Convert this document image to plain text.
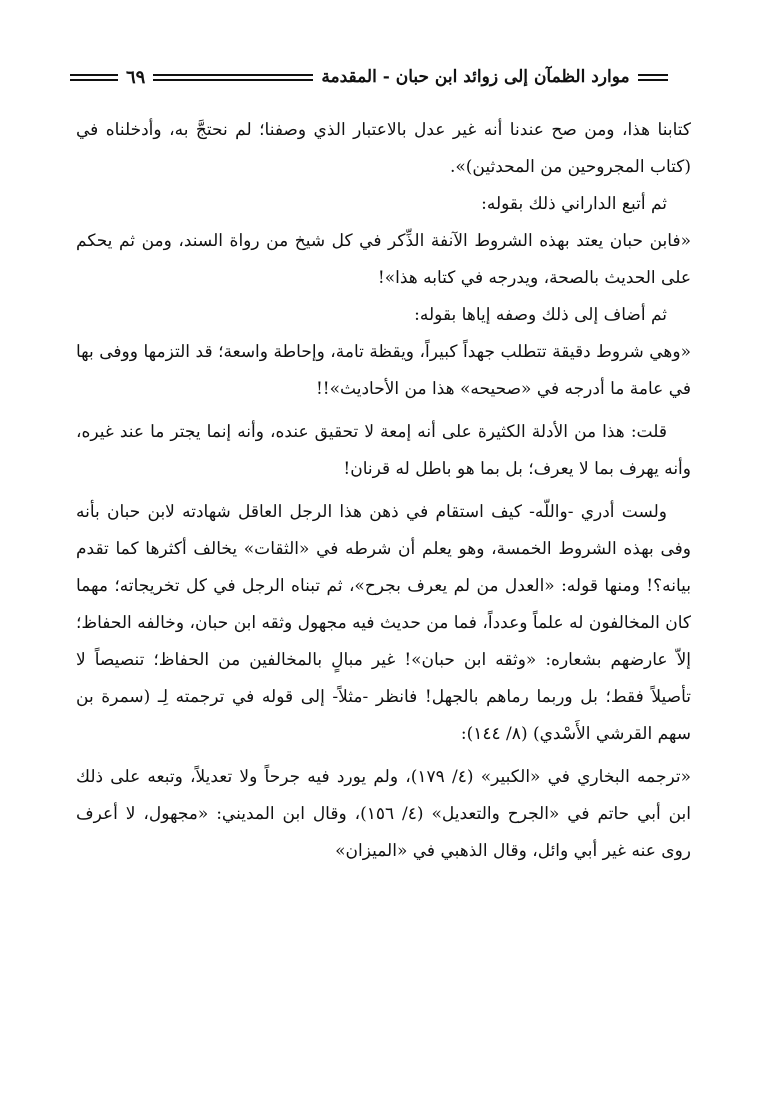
٦٩	موارد الظمآن إلى زوائد ابن حبان - المقدمة

كتابنا هذا، ومن صح عندنا أنه غير عدل بالاعتبار الذي وصفنا؛ لم نحتجَّ به، وأدخلناه في (كتاب المجروحين من المحدثين)».

ثم أتبع الداراني ذلك بقوله:

«فابن حبان يعتد بهذه الشروط الآنفة الذِّكر في كل شيخ من رواة السند، ومن ثم يحكم على الحديث بالصحة، ويدرجه في كتابه هذا»!

ثم أضاف إلى ذلك وصفه إياها بقوله:

«وهي شروط دقيقة تتطلب جهداً كبيراً، ويقظة تامة، وإحاطة واسعة؛ قد التزمها ووفى بها في عامة ما أدرجه في «صحيحه» هذا من الأحاديث»!!

قلت: هذا من الأدلة الكثيرة على أنه إمعة لا تحقيق عنده، وأنه إنما يجتر ما عند غيره، وأنه يهرف بما لا يعرف؛ بل بما هو باطل له قرنان!

ولست أدري -واللّه- كيف استقام في ذهن هذا الرجل العاقل شهادته لابن حبان بأنه وفى بهذه الشروط الخمسة، وهو يعلم أن شرطه في «الثقات» يخالف أكثرها كما تقدم بيانه؟! ومنها قوله: «العدل من لم يعرف بجرح»، ثم تبناه الرجل في كل تخريجاته؛ مهما كان المخالفون له علماً وعدداً، فما من حديث فيه مجهول وثقه ابن حبان، وخالفه الحفاظ؛ إلاّ عارضهم بشعاره: «وثقه ابن حبان»! غير مبالٍ بالمخالفين من الحفاظ؛ تنصيصاً لا تأصيلاً فقط؛ بل وربما رماهم بالجهل! فانظر -مثلاً- إلى قوله في ترجمته لِـ (سمرة بن سهم القرشي الأَسْدي) (٨/ ١٤٤):

«ترجمه البخاري في «الكبير» (٤/ ١٧٩)، ولم يورد فيه جرحاً ولا تعديلاً، وتبعه على ذلك ابن أبي حاتم في «الجرح والتعديل» (٤/ ١٥٦)، وقال ابن المديني: «مجهول، لا أعرف روى عنه غير أبي وائل، وقال الذهبي في «الميزان»
